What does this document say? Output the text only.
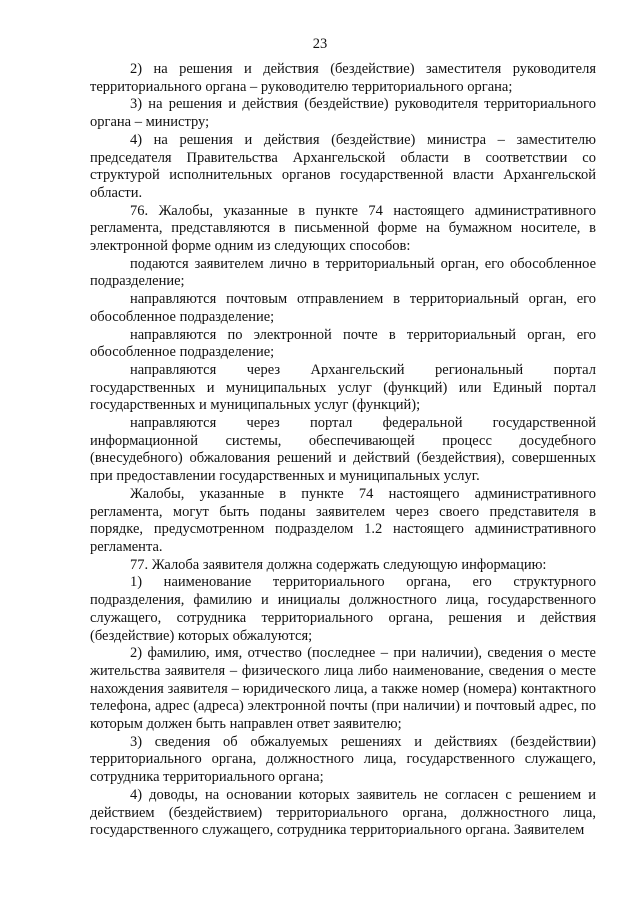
23

2) на решения и действия (бездействие) заместителя руководителя территориального органа – руководителю территориального органа;

3) на решения и действия (бездействие) руководителя территориального органа – министру;

4) на решения и действия (бездействие) министра – заместителю председателя Правительства Архангельской области в соответствии со структурой исполнительных органов государственной власти Архангельской области.

76. Жалобы, указанные в пункте 74 настоящего административного регламента, представляются в письменной форме на бумажном носителе, в электронной форме одним из следующих способов:

подаются заявителем лично в территориальный орган, его обособленное подразделение;

направляются почтовым отправлением в территориальный орган, его обособленное подразделение;

направляются по электронной почте в территориальный орган, его обособленное подразделение;

направляются через Архангельский региональный портал государственных и муниципальных услуг (функций) или Единый портал государственных и муниципальных услуг (функций);

направляются через портал федеральной государственной информационной системы, обеспечивающей процесс досудебного (внесудебного) обжалования решений и действий (бездействия), совершенных при предоставлении государственных и муниципальных услуг.

Жалобы, указанные в пункте 74 настоящего административного регламента, могут быть поданы заявителем через своего представителя в порядке, предусмотренном подразделом 1.2 настоящего административного регламента.

77. Жалоба заявителя должна содержать следующую информацию:

1) наименование территориального органа, его структурного подразделения, фамилию и инициалы должностного лица, государственного служащего, сотрудника территориального органа, решения и действия (бездействие) которых обжалуются;

2) фамилию, имя, отчество (последнее – при наличии), сведения о месте жительства заявителя – физического лица либо наименование, сведения о месте нахождения заявителя – юридического лица, а также номер (номера) контактного телефона, адрес (адреса) электронной почты (при наличии) и почтовый адрес, по которым должен быть направлен ответ заявителю;

3) сведения об обжалуемых решениях и действиях (бездействии) территориального органа, должностного лица, государственного служащего, сотрудника территориального органа;

4) доводы, на основании которых заявитель не согласен с решением и действием (бездействием) территориального органа, должностного лица, государственного служащего, сотрудника территориального органа. Заявителем
